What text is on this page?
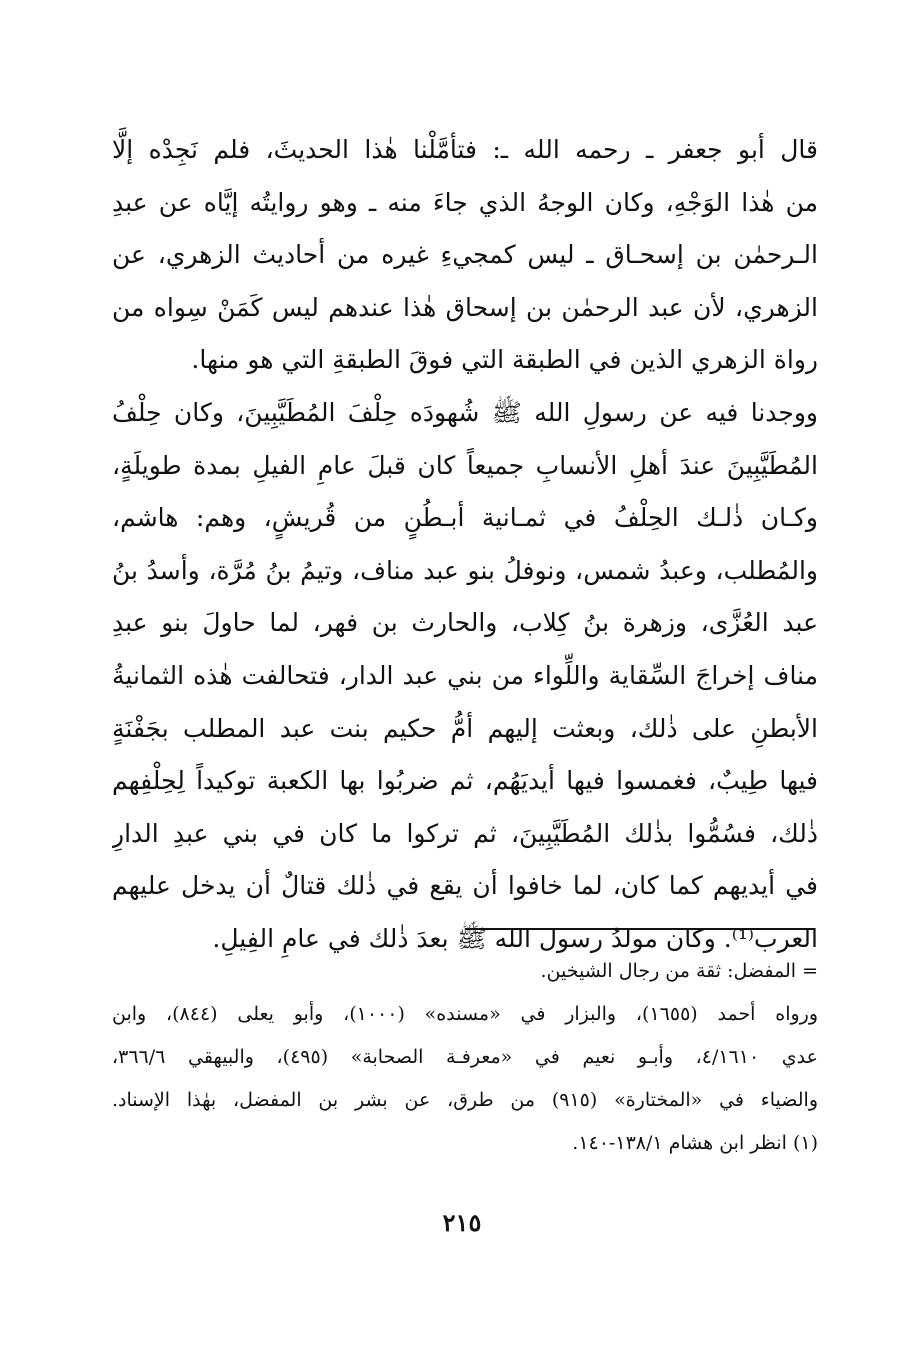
قال أبو جعفر ـ رحمه الله ـ: فتأمَّلْنا هٰذا الحديثَ، فلم نَجِدْه إلَّا
من هٰذا الوَجْهِ، وكان الوجهُ الذي جاءَ منه ـ وهو روايتُه إيَّاه عن عبدِ
الـرحمٰن بن إسحـاق ـ ليس كمجيءِ غيره من أحاديث الزهري، عن
الزهري، لأن عبد الرحمٰن بن إسحاق هٰذا عندهم ليس كَمَنْ سِواه من
رواة الزهري الذين في الطبقة التي فوقَ الطبقةِ التي هو منها.
ووجدنا فيه عن رسولِ الله ﷺ شُهودَه حِلْفَ المُطَيَّبِينَ، وكان حِلْفُ
المُطَيَّبِينَ عندَ أهلِ الأنسابِ جميعاً كان قبلَ عامِ الفيلِ بمدة طويلَةٍ،
وكـان ذٰلـك الحِلْفُ في ثمـانية أبـطُنٍ من قُريشٍ، وهم: هاشم،
والمُطلب، وعبدُ شمس، ونوفلُ بنو عبد مناف، وتيمُ بنُ مُرَّة، وأسدُ بنُ
عبد العُزَّى، وزهرة بنُ كِلاب، والحارث بن فهر، لما حاولَ بنو عبدِ
مناف إخراجَ السِّقاية واللِّواء من بني عبد الدار، فتحالفت هٰذه الثمانيةُ
الأبطنِ على ذٰلك، وبعثت إليهم أمُّ حكيم بنت عبد المطلب بجَفْنَةٍ
فيها طِيبٌ، فغمسوا فيها أيديَهُم، ثم ضربُوا بها الكعبة توكيداً لِحِلْفِهم
ذٰلك، فسُمُّوا بذٰلك المُطَيَّبِينَ، ثم تركوا ما كان في بني عبدِ الدارِ
في أيديهم كما كان، لما خافوا أن يقع في ذٰلك قتالٌ أن يدخل عليهم
العرب⁽¹⁾. وكان مولدُ رسول الله ﷺ بعدَ ذٰلك في عامِ الفِيلِ.
= المفضل: ثقة من رجال الشيخين.
ورواه أحمد (١٦٥٥)، والبزار في «مسنده» (١٠٠٠)، وأبو يعلى (٨٤٤)، وابن
عدي ٤/١٦١٠، وأبـو نعيم في «معرفـة الصحابة» (٤٩٥)، والبيهقي ٣٦٦/٦،
والضياء في «المختارة» (٩١٥) من طرق، عن بشر بن المفضل، بهٰذا الإسناد.
(١) انظر ابن هشام ١٣٨/١-١٤٠.
٢١٥
